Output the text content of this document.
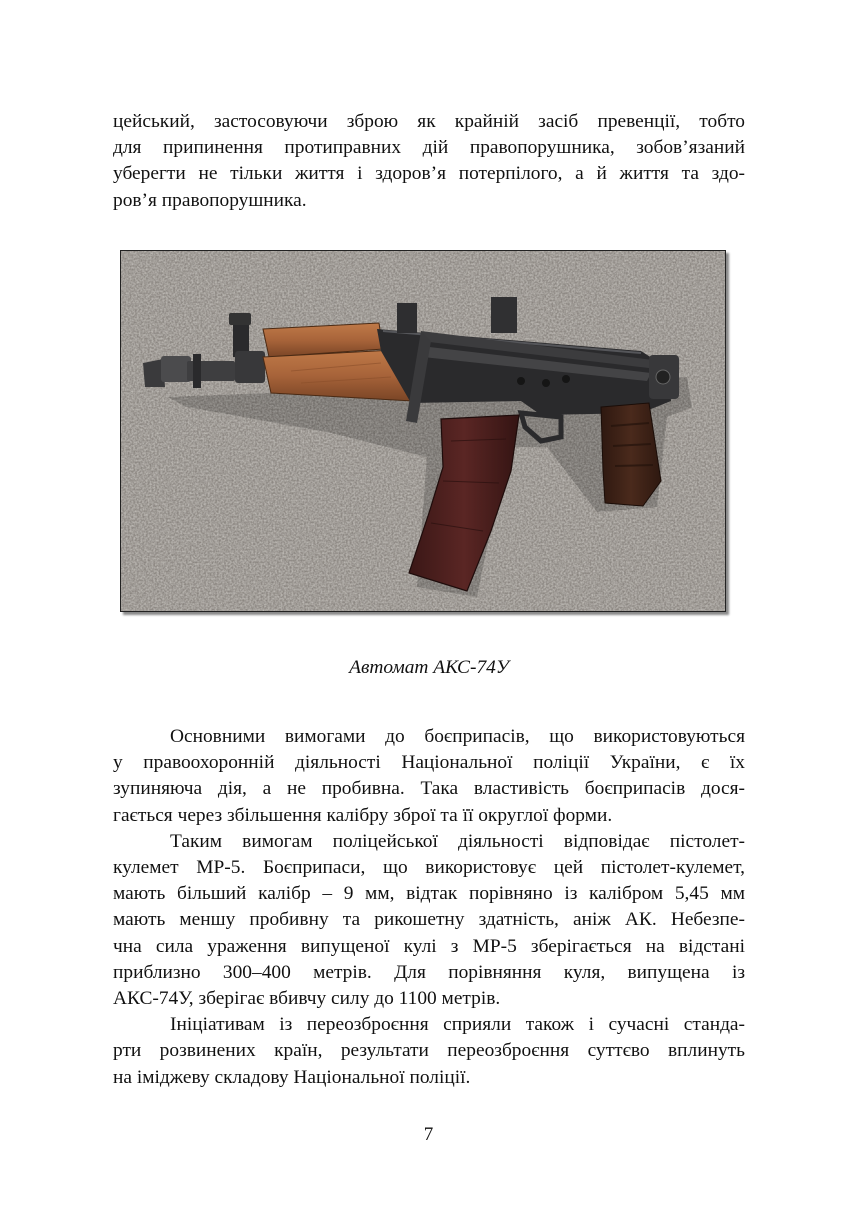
цейський, застосовуючи зброю як крайній засіб превенції, тобто
для припинення протиправних дій правопорушника, зобов’язаний
уберегти не тільки життя і здоров’я потерпілого, а й життя та здо-
ров’я правопорушника.
Автомат АКС-74У
Основними вимогами до боєприпасів, що використовуються
у правоохоронній діяльності Національної поліції України, є їх
зупиняюча дія, а не пробивна. Така властивість боєприпасів дося-
гається через збільшення калібру зброї та її округлої форми.
Таким вимогам поліцейської діяльності відповідає пістолет-
кулемет МР-5. Боєприпаси, що використовує цей пістолет-кулемет,
мають більший калібр – 9 мм, відтак порівняно із калібром 5,45 мм
мають меншу пробивну та рикошетну здатність, аніж АК. Небезпе-
чна сила ураження випущеної кулі з МР-5 зберігається на відстані
приблизно 300–400 метрів. Для порівняння куля, випущена із
АКС-74У, зберігає вбивчу силу до 1100 метрів.
Ініціативам із переозброєння сприяли також і сучасні станда-
рти розвинених країн, результати переозброєння суттєво вплинуть
на іміджеву складову Національної поліції.
7
